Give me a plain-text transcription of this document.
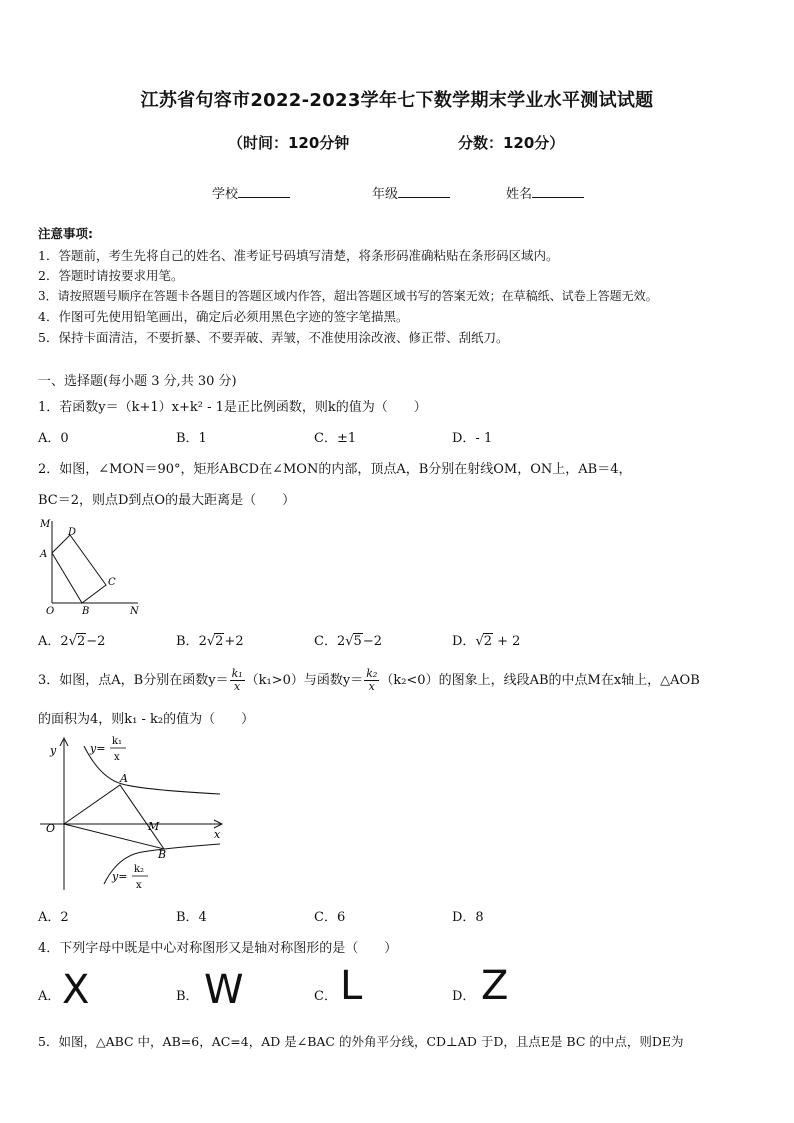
江苏省句容市2022-2023学年七下数学期末学业水平测试试题
（时间：120分钟	分数：120分）
学校	年级	姓名
注意事项:
1．答题前，考生先将自己的姓名、准考证号码填写清楚，将条形码准确粘贴在条形码区域内。
2．答题时请按要求用笔。
3．请按照题号顺序在答题卡各题目的答题区域内作答，超出答题区域书写的答案无效；在草稿纸、试卷上答题无效。
4．作图可先使用铅笔画出，确定后必须用黑色字迹的签字笔描黑。
5．保持卡面清洁，不要折暴、不要弄破、弄皱，不准使用涂改液、修正带、刮纸刀。
一、选择题(每小题 3 分,共 30 分)
1．若函数y＝（k+1）x+k² - 1是正比例函数，则k的值为（　　）
A．0	B．1	C．±1	D．- 1
2．如图，∠MON＝90°，矩形ABCD在∠MON的内部，顶点A，B分别在射线OM，ON上，AB＝4，
BC＝2，则点D到点O的最大距离是（　　）
M
D
A
C
O	B	N
A．2√2−2	B．2√2+2	C．2√5−2	D．√2 + 2
3．如图，点A，B分别在函数$y= \frac{\text{k₁}}{x} (k_1>0)$与函数$y= \frac{\text{k₂}}{x} (k_2<0)$的图象上，线段AB的中点M在x轴上，△AOB
的面积为4，则k₁ - k₂的值为（　　）
y
x
O
y=
k₁
x
A
M
B
y=
k₂
x
A．2	B．4	C．6	D．8
4．下列字母中既是中心对称图形又是轴对称图形的是（　　）
A． X	B． W	C． L	D． Z
5．如图，△ABC 中，AB=6，AC=4，AD 是∠BAC 的外角平分线，CD⊥AD 于D，且点E是 BC 的中点，则DE为
